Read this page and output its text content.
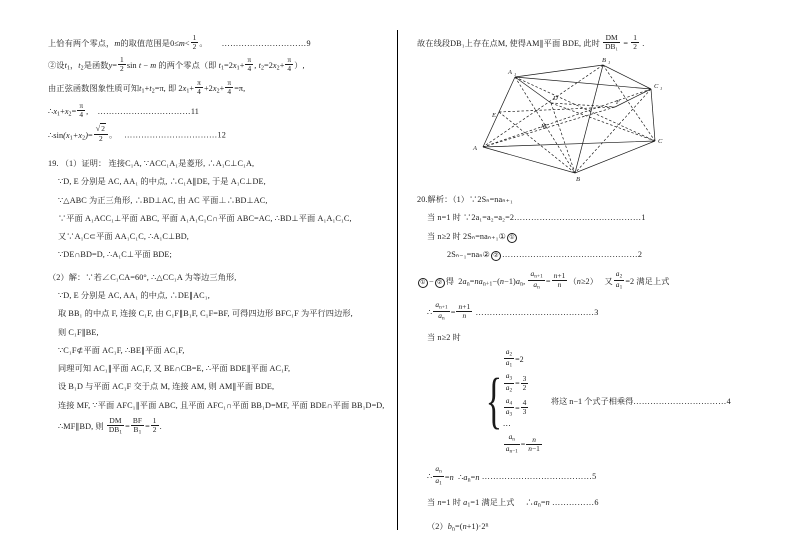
上恰有两个零点，m的取值范围是$0\le m< \frac{1}{2}$ 。      …………………………9
②设$t_1$，$t_2$是函数$y= \frac{1}{2}$ sin t − m 的两个零点（即 $t_1=2x_1+ \frac{\pi}{4}$ , $t_2=2x_2+ \frac{\pi}{4}$ ）,
由正弦函数图象性质可知$t_1+t_2=\pi$, 即 $2x_1+ \frac{\pi}{4} +2x_2+ \frac{\pi}{4} =\pi$,
$\therefore x_1+x_2= \frac{\pi}{4}$ ,    ……………………………11
$\therefore\sin(x_1+x_2)= \frac{√2}{2}$ 。   ……………………………12
19. （1）证明： 连接C₁A, ∵ACC₁A₁是菱形, ∴A₁C⊥C₁A,
∵D, E 分别是 AC, AA₁ 的中点, ∴C₁A∥DE, 于是 A₁C⊥DE,
∵△ABC 为正三角形, ∴BD⊥AC, 由 AC 平面⊥∴BD⊥AC,
∵平面 A₁ACC₁⊥平面 ABC, 平面 A₁A₁C₁C∩平面 ABC=AC, ∴BD⊥平面 A₁A₁C₁C,
又∵A₁C⊂平面 AA₁C₁C, ∴A₁C⊥BD,
∵DE∩BD=D, ∴A₁C⊥平面 BDE;
（2）解：∵若∠C₁CA=60°, ∴△CC₁A 为等边三角形,
∵D, E 分别是 AC, AA₁ 的中点, ∴DE∥AC₁,
取 BB₁ 的中点 F, 连接 C₁F, 由 C₁F∥B₁F, C₁F=BF, 可得四边形 BFC₁F 为平行四边形,
则 C₁F∥BE,
∵C₁F⊄平面 AC₁F, ∴BE∥平面 AC₁F,
同理可知 AC₁∥平面 AC₁F, 又 BE∩CB=E, ∴平面 BDE∥平面 AC₁F,
设 B₁D 与平面 AC₁F 交于点 M, 连接 AM, 则 AM∥平面 BDE,
连接 MF, ∵平面 AFC₁∥平面 ABC, 且平面 AFC₁∩平面 BB₁D=MF, 平面 BDE∩平面 BB₁D=D,
∴MF∥BD, 则 $\frac{DM}{DB_1} = \frac{BF}{B_1} = \frac{1}{2}$ .
故在线段DB₁上存在点M, 使得AM∥平面 BDE, 此时 $\frac{DM}{\text{DB₁}} = \frac{1}{2}$ .
A 1
B 1
C 1
A
B
C
E
D
F
M
20.解析：（1）∵2Sₙ=naₙ₊₁
当 n=1 时 ∵2a₁=a₂=a₂=2………………………………………1
当 n≥2 时 2Sₙ=naₙ₊₁① ①
2Sₙ₋₁=naₙ② ② …………………………………………2
① − ② 得  $2a_n=na_{n+1}-(n-1)a_n$, $\frac{a_{n+1}}{a_n} = \frac{n+1}{n} (n\ge 2)$   又 $\frac{a_2}{a_1} =2$ 满足上式
∴ $\frac{a_{n+1}}{a_n} = \frac{n+1}{n}$ ……………………………………3
当 n≥2 时
{
$\frac{a_2}{a_1} =2$
$\frac{a_3}{a_2} = \frac{3}{2}$
$\frac{a_4}{a_3} = \frac{4}{3}$
⋯
$\frac{a_n}{a_{n-1}} = \frac{n}{n-1}$
将这 n−1 个式子相乘得……………………………4
∴ $\frac{a_n}{a_1} =n$  $\therefore a_n=n$ …………………………………5
当 n=1 时 $a_1=1$ 满足上式     $\therefore a_n=n$ ……………6
$(2)b_n=(n+1)\cdot 2^n$
